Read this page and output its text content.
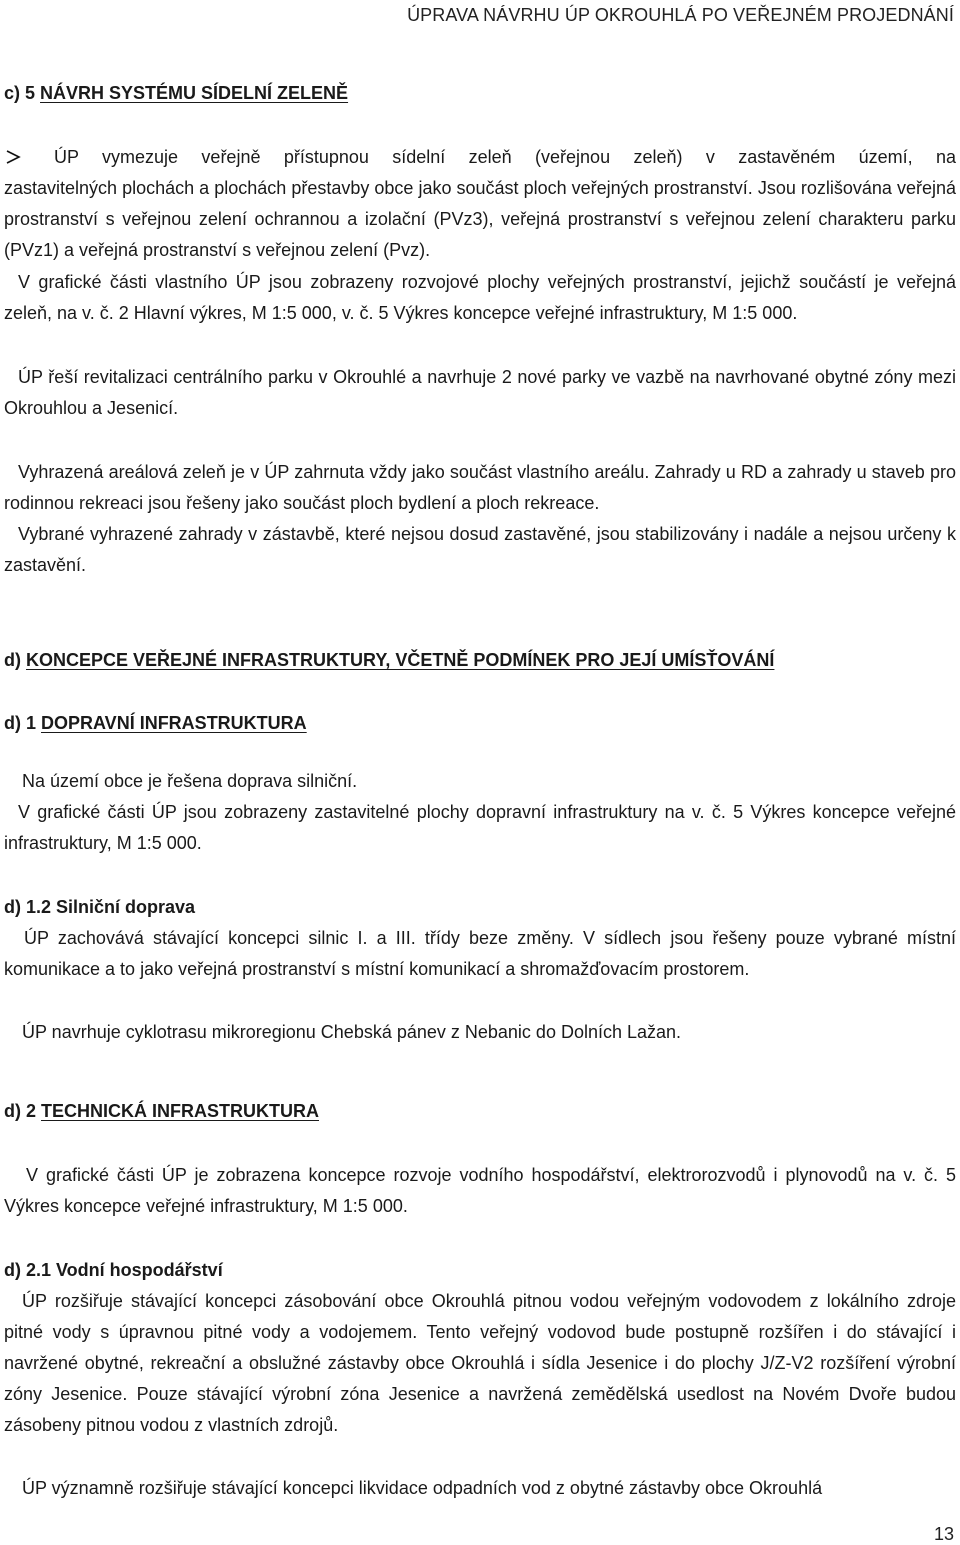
ÚPRAVA NÁVRHU ÚP OKROUHLÁ PO VEŘEJNÉM PROJEDNÁNÍ
c) 5 NÁVRH SYSTÉMU SÍDELNÍ ZELENĚ
ÚP vymezuje veřejně přístupnou sídelní zeleň (veřejnou zeleň) v zastavěném území, na

zastavitelných plochách a plochách přestavby obce jako součást ploch veřejných prostranství. Jsou rozlišována veřejná prostranství s veřejnou zelení ochrannou a izolační (PVz3), veřejná prostranství s veřejnou zelení charakteru parku (PVz1) a veřejná prostranství s veřejnou zelení (Pvz).

V grafické části vlastního ÚP jsou zobrazeny rozvojové plochy veřejných prostranství, jejichž součástí je veřejná zeleň, na v. č. 2 Hlavní výkres, M 1:5 000, v. č. 5 Výkres koncepce veřejné infrastruktury, M 1:5 000.

ÚP řeší revitalizaci centrálního parku v Okrouhlé a navrhuje 2 nové parky ve vazbě na navrhované obytné zóny mezi Okrouhlou a Jesenicí.

Vyhrazená areálová zeleň je v ÚP zahrnuta vždy jako součást vlastního areálu. Zahrady u RD a zahrady u staveb pro rodinnou rekreaci jsou řešeny jako součást ploch bydlení a ploch rekreace.

Vybrané vyhrazené zahrady v zástavbě, které nejsou dosud zastavěné, jsou stabilizovány i nadále a nejsou určeny k zastavění.

d) KONCEPCE VEŘEJNÉ INFRASTRUKTURY, VČETNĚ PODMÍNEK PRO JEJÍ UMÍSŤOVÁNÍ
d) 1 DOPRAVNÍ INFRASTRUKTURA

Na území obce je řešena doprava silniční.

V grafické části ÚP jsou zobrazeny zastavitelné plochy dopravní infrastruktury na v. č. 5 Výkres koncepce veřejné infrastruktury, M 1:5 000.

d) 1.2 Silniční doprava

ÚP zachovává stávající koncepci silnic I. a III. třídy beze změny. V sídlech jsou řešeny pouze vybrané místní komunikace a to jako veřejná prostranství s místní komunikací a shromažďovacím prostorem.

ÚP navrhuje cyklotrasu mikroregionu Chebská pánev z Nebanic do Dolních Lažan.

d) 2 TECHNICKÁ INFRASTRUKTURA

V grafické části ÚP je zobrazena koncepce rozvoje vodního hospodářství, elektrorozvodů i plynovodů na v. č. 5 Výkres koncepce veřejné infrastruktury, M 1:5 000.

d) 2.1 Vodní hospodářství

ÚP rozšiřuje stávající koncepci zásobování obce Okrouhlá pitnou vodou veřejným vodovodem z lokálního zdroje pitné vody s úpravnou pitné vody a vodojemem. Tento veřejný vodovod bude postupně rozšířen i do stávající i navržené obytné, rekreační a obslužné zástavby obce Okrouhlá i sídla Jesenice i do plochy J/Z-V2 rozšíření výrobní zóny Jesenice. Pouze stávající výrobní zóna Jesenice a navržená zemědělská usedlost na Novém Dvoře budou zásobeny pitnou vodou z vlastních zdrojů.

ÚP významně rozšiřuje stávající koncepci likvidace odpadních vod z obytné zástavby obce Okrouhlá

13
